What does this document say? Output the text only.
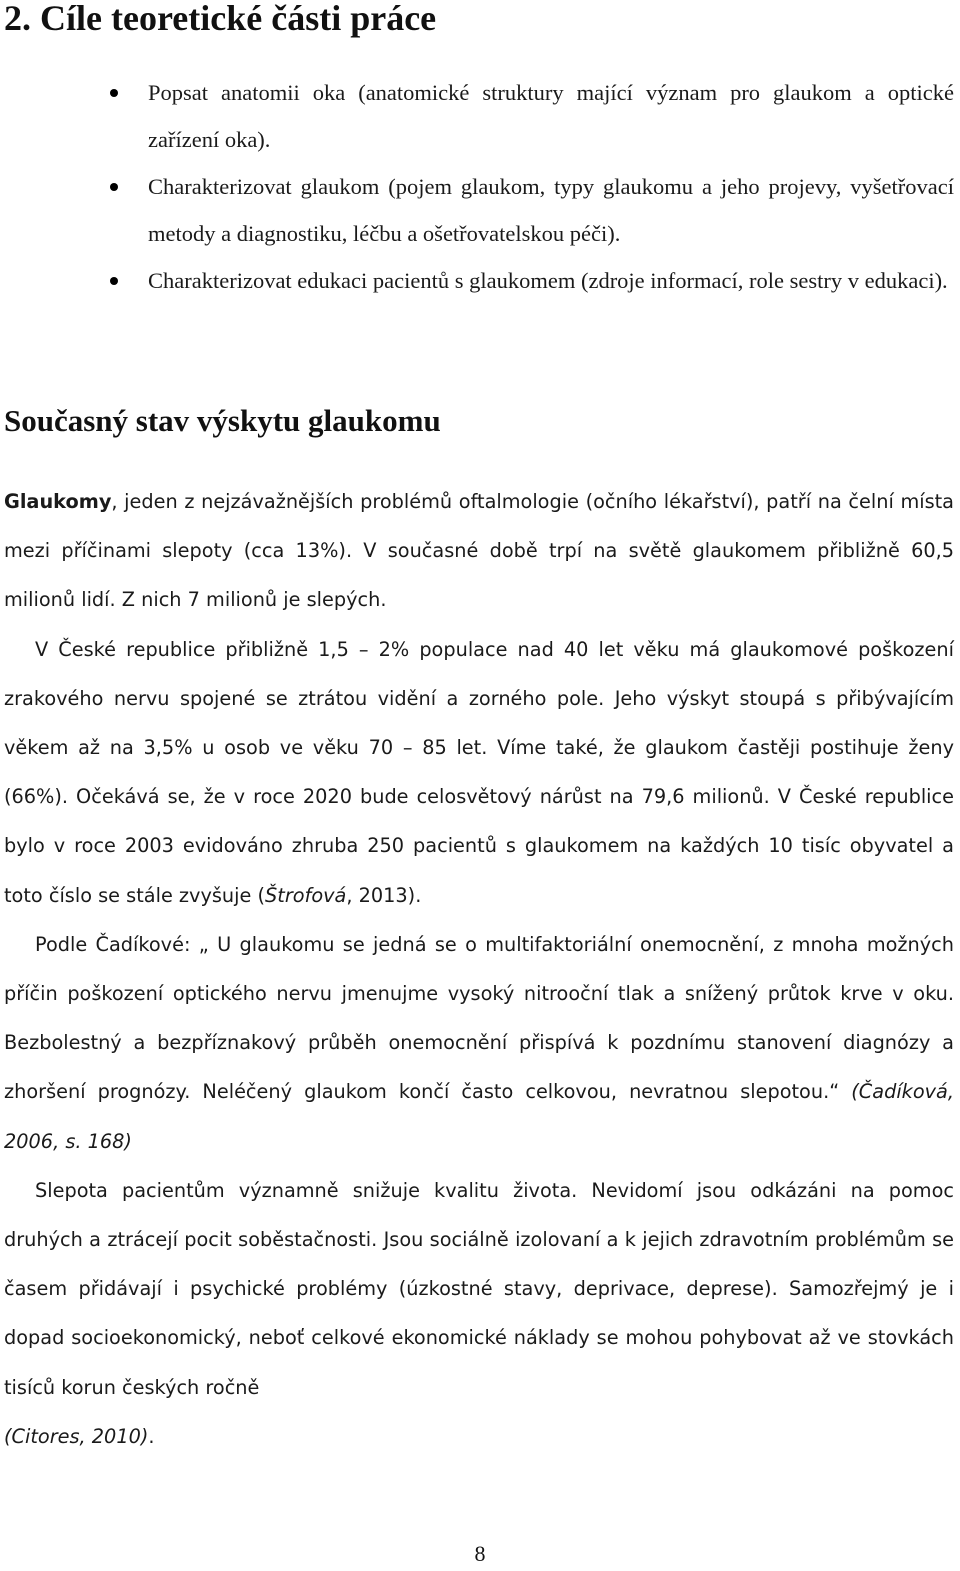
2. Cíle teoretické části práce
Popsat anatomii oka (anatomické struktury mající význam pro glaukom a optické zařízení oka).
Charakterizovat glaukom (pojem glaukom, typy glaukomu a jeho projevy, vyšetřovací metody a diagnostiku, léčbu a ošetřovatelskou péči).
Charakterizovat edukaci pacientů s glaukomem (zdroje informací, role sestry v edukaci).
Současný stav výskytu glaukomu

Glaukomy, jeden z nejzávažnějších problémů oftalmologie (očního lékařství), patří na čelní místa mezi příčinami slepoty (cca 13%). V současné době trpí na světě glaukomem přibližně 60,5 milionů lidí. Z nich 7 milionů je slepých.

V České republice přibližně 1,5 – 2% populace nad 40 let věku má glaukomové poškození zrakového nervu spojené se ztrátou vidění a zorného pole. Jeho výskyt stoupá s přibývajícím věkem až na 3,5% u osob ve věku 70 – 85 let. Víme také, že glaukom častěji postihuje ženy (66%). Očekává se, že v roce 2020 bude celosvětový nárůst na 79,6 milionů. V České republice bylo v roce 2003 evidováno zhruba 250 pacientů s glaukomem na každých 10 tisíc obyvatel a toto číslo se stále zvyšuje (Štrofová, 2013).

Podle Čadíkové: „ U glaukomu se jedná se o multifaktoriální onemocnění, z mnoha možných příčin poškození optického nervu jmenujme vysoký nitrooční tlak a snížený průtok krve v oku. Bezbolestný a bezpříznakový průběh onemocnění přispívá k pozdnímu stanovení diagnózy a zhoršení prognózy. Neléčený glaukom končí často celkovou, nevratnou slepotou.“ (Čadíková, 2006, s. 168)

Slepota pacientům významně snižuje kvalitu života. Nevidomí jsou odkázáni na pomoc druhých a ztrácejí pocit soběstačnosti. Jsou sociálně izolovaní a k jejich zdravotním problémům se časem přidávají i psychické problémy (úzkostné stavy, deprivace, deprese). Samozřejmý je i dopad socioekonomický, neboť celkové ekonomické náklady se mohou pohybovat až ve stovkách tisíců korun českých ročně
(Citores, 2010).

8
